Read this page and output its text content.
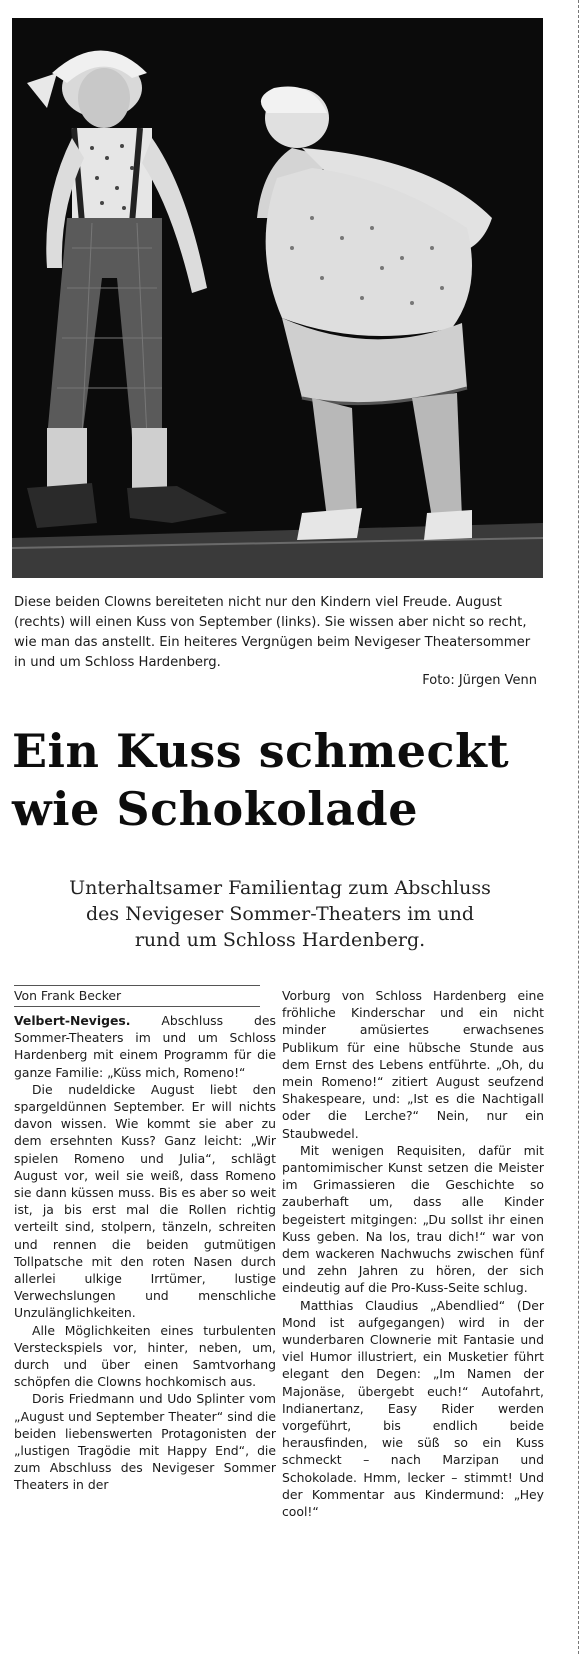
Diese beiden Clowns bereiteten nicht nur den Kindern viel Freude. August (rechts) will einen Kuss von September (links). Sie wissen aber nicht so recht, wie man das anstellt. Ein heiteres Vergnügen beim Nevigeser Theatersommer in und um Schloss Hardenberg.

Foto: Jürgen Venn
Ein Kuss schmeckt
wie Schokolade
Unterhaltsamer Familientag zum Abschluss
des Nevigeser Sommer-Theaters im und
rund um Schloss Hardenberg.
Von Frank Becker

Velbert-Neviges. Abschluss des Sommer-Theaters im und um Schloss Hardenberg mit einem Programm für die ganze Familie: „Küss mich, Romeno!“

Die nudeldicke August liebt den spargeldünnen September. Er will nichts davon wissen. Wie kommt sie aber zu dem ersehnten Kuss? Ganz leicht: „Wir spielen Romeno und Julia“, schlägt August vor, weil sie weiß, dass Romeno sie dann küssen muss. Bis es aber so weit ist, ja bis erst mal die Rollen richtig verteilt sind, stolpern, tänzeln, schreiten und rennen die beiden gutmütigen Tollpatsche mit den roten Nasen durch allerlei ulkige Irrtümer, lustige Verwechslungen und menschliche Unzulänglichkeiten.

Alle Möglichkeiten eines turbulenten Versteckspiels vor, hinter, neben, um, durch und über einen Samtvorhang schöpfen die Clowns hochkomisch aus.

Doris Friedmann und Udo Splinter vom „August und September Theater“ sind die beiden liebenswerten Protagonisten der „lustigen Tragödie mit Happy End“, die zum Abschluss des Nevigeser Sommer Theaters in der

Vorburg von Schloss Hardenberg eine fröhliche Kinderschar und ein nicht minder amüsiertes erwachsenes Publikum für eine hübsche Stunde aus dem Ernst des Lebens entführte. „Oh, du mein Romeno!“ zitiert August seufzend Shakespeare, und: „Ist es die Nachtigall oder die Lerche?“ Nein, nur ein Staubwedel.

Mit wenigen Requisiten, dafür mit pantomimischer Kunst setzen die Meister im Grimassieren die Geschichte so zauberhaft um, dass alle Kinder begeistert mitgingen: „Du sollst ihr einen Kuss geben. Na los, trau dich!“ war von dem wackeren Nachwuchs zwischen fünf und zehn Jahren zu hören, der sich eindeutig auf die Pro-Kuss-Seite schlug.

Matthias Claudius „Abendlied“ (Der Mond ist aufgegangen) wird in der wunderbaren Clownerie mit Fantasie und viel Humor illustriert, ein Musketier führt elegant den Degen: „Im Namen der Majonäse, übergebt euch!“ Autofahrt, Indianertanz, Easy Rider werden vorgeführt, bis endlich beide herausfinden, wie süß so ein Kuss schmeckt – nach Marzipan und Schokolade. Hmm, lecker – stimmt! Und der Kommentar aus Kindermund: „Hey cool!“
